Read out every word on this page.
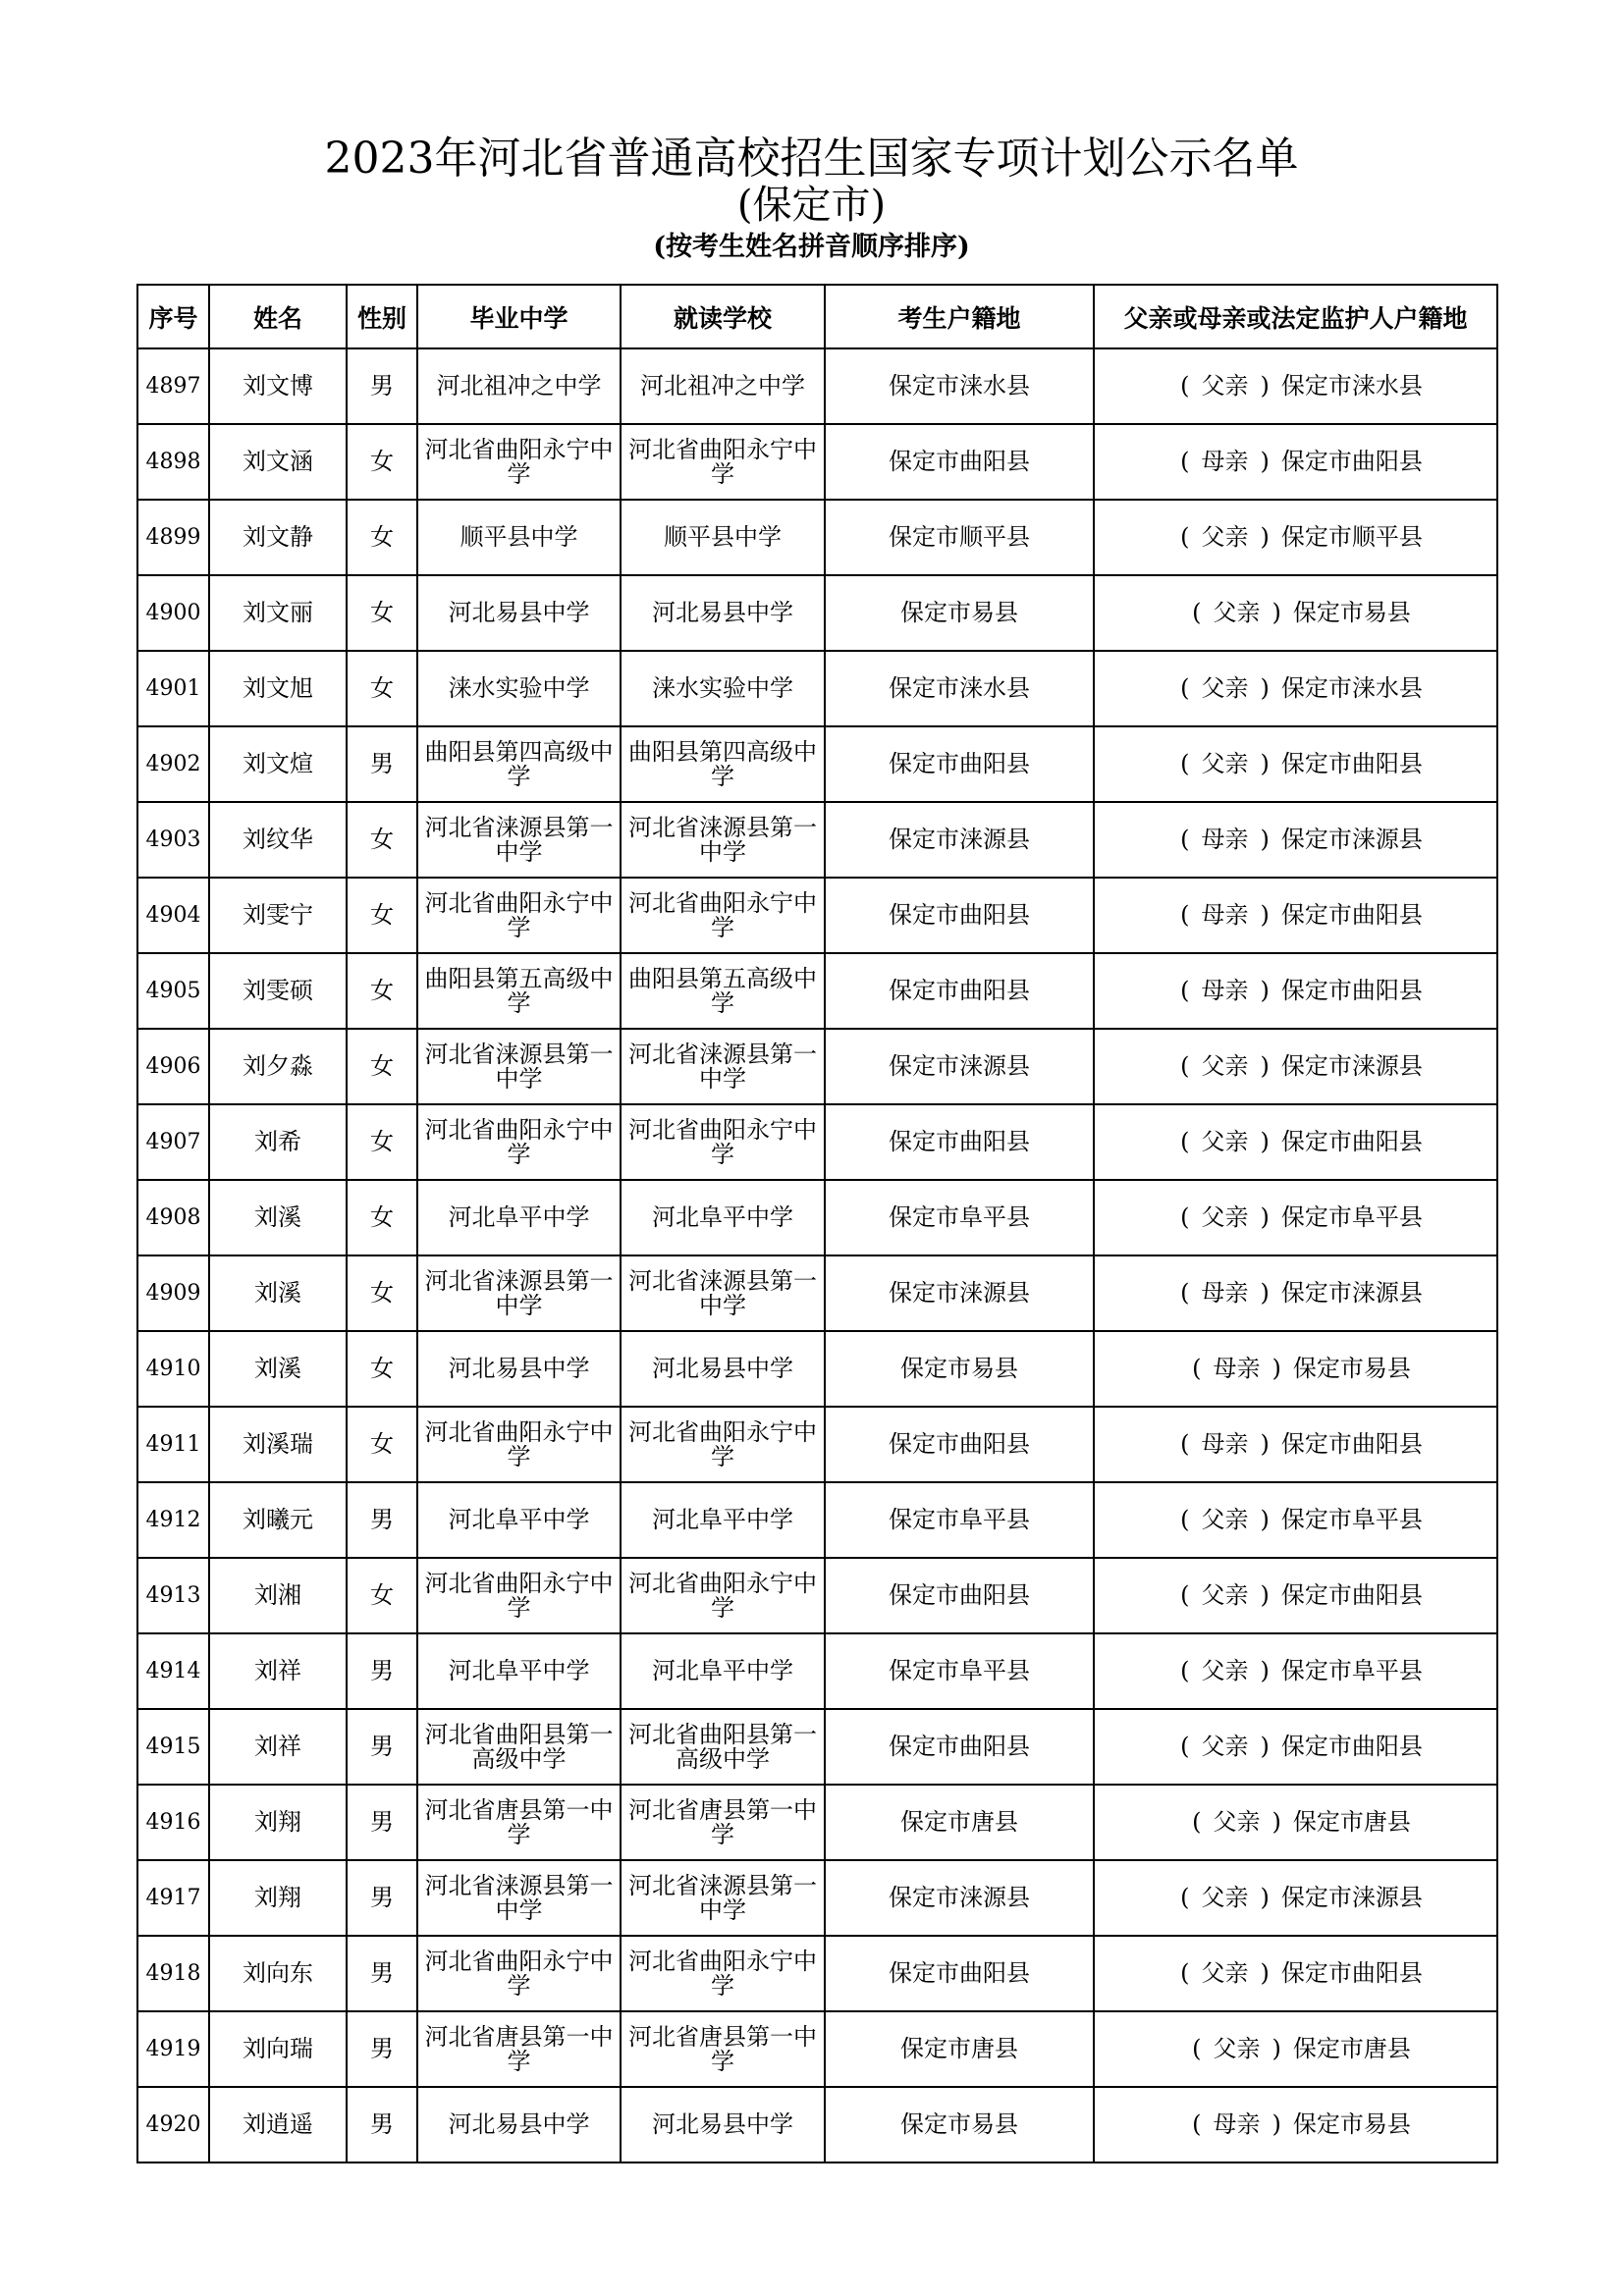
2023年河北省普通高校招生国家专项计划公示名单
(保定市)
(按考生姓名拼音顺序排序)
序号	姓名	性别	毕业中学	就读学校	考生户籍地	父亲或母亲或法定监护人户籍地
4897	刘文博	男	河北祖冲之中学	河北祖冲之中学	保定市涞水县	( 父亲 ) 保定市涞水县
4898	刘文涵	女	河北省曲阳永宁中学	河北省曲阳永宁中学	保定市曲阳县	( 母亲 ) 保定市曲阳县
4899	刘文静	女	顺平县中学	顺平县中学	保定市顺平县	( 父亲 ) 保定市顺平县
4900	刘文丽	女	河北易县中学	河北易县中学	保定市易县	( 父亲 ) 保定市易县
4901	刘文旭	女	涞水实验中学	涞水实验中学	保定市涞水县	( 父亲 ) 保定市涞水县
4902	刘文煊	男	曲阳县第四高级中学	曲阳县第四高级中学	保定市曲阳县	( 父亲 ) 保定市曲阳县
4903	刘纹华	女	河北省涞源县第一中学	河北省涞源县第一中学	保定市涞源县	( 母亲 ) 保定市涞源县
4904	刘雯宁	女	河北省曲阳永宁中学	河北省曲阳永宁中学	保定市曲阳县	( 母亲 ) 保定市曲阳县
4905	刘雯硕	女	曲阳县第五高级中学	曲阳县第五高级中学	保定市曲阳县	( 母亲 ) 保定市曲阳县
4906	刘夕淼	女	河北省涞源县第一中学	河北省涞源县第一中学	保定市涞源县	( 父亲 ) 保定市涞源县
4907	刘希	女	河北省曲阳永宁中学	河北省曲阳永宁中学	保定市曲阳县	( 父亲 ) 保定市曲阳县
4908	刘溪	女	河北阜平中学	河北阜平中学	保定市阜平县	( 父亲 ) 保定市阜平县
4909	刘溪	女	河北省涞源县第一中学	河北省涞源县第一中学	保定市涞源县	( 母亲 ) 保定市涞源县
4910	刘溪	女	河北易县中学	河北易县中学	保定市易县	( 母亲 ) 保定市易县
4911	刘溪瑞	女	河北省曲阳永宁中学	河北省曲阳永宁中学	保定市曲阳县	( 母亲 ) 保定市曲阳县
4912	刘曦元	男	河北阜平中学	河北阜平中学	保定市阜平县	( 父亲 ) 保定市阜平县
4913	刘湘	女	河北省曲阳永宁中学	河北省曲阳永宁中学	保定市曲阳县	( 父亲 ) 保定市曲阳县
4914	刘祥	男	河北阜平中学	河北阜平中学	保定市阜平县	( 父亲 ) 保定市阜平县
4915	刘祥	男	河北省曲阳县第一高级中学	河北省曲阳县第一高级中学	保定市曲阳县	( 父亲 ) 保定市曲阳县
4916	刘翔	男	河北省唐县第一中学	河北省唐县第一中学	保定市唐县	( 父亲 ) 保定市唐县
4917	刘翔	男	河北省涞源县第一中学	河北省涞源县第一中学	保定市涞源县	( 父亲 ) 保定市涞源县
4918	刘向东	男	河北省曲阳永宁中学	河北省曲阳永宁中学	保定市曲阳县	( 父亲 ) 保定市曲阳县
4919	刘向瑞	男	河北省唐县第一中学	河北省唐县第一中学	保定市唐县	( 父亲 ) 保定市唐县
4920	刘逍遥	男	河北易县中学	河北易县中学	保定市易县	( 母亲 ) 保定市易县
